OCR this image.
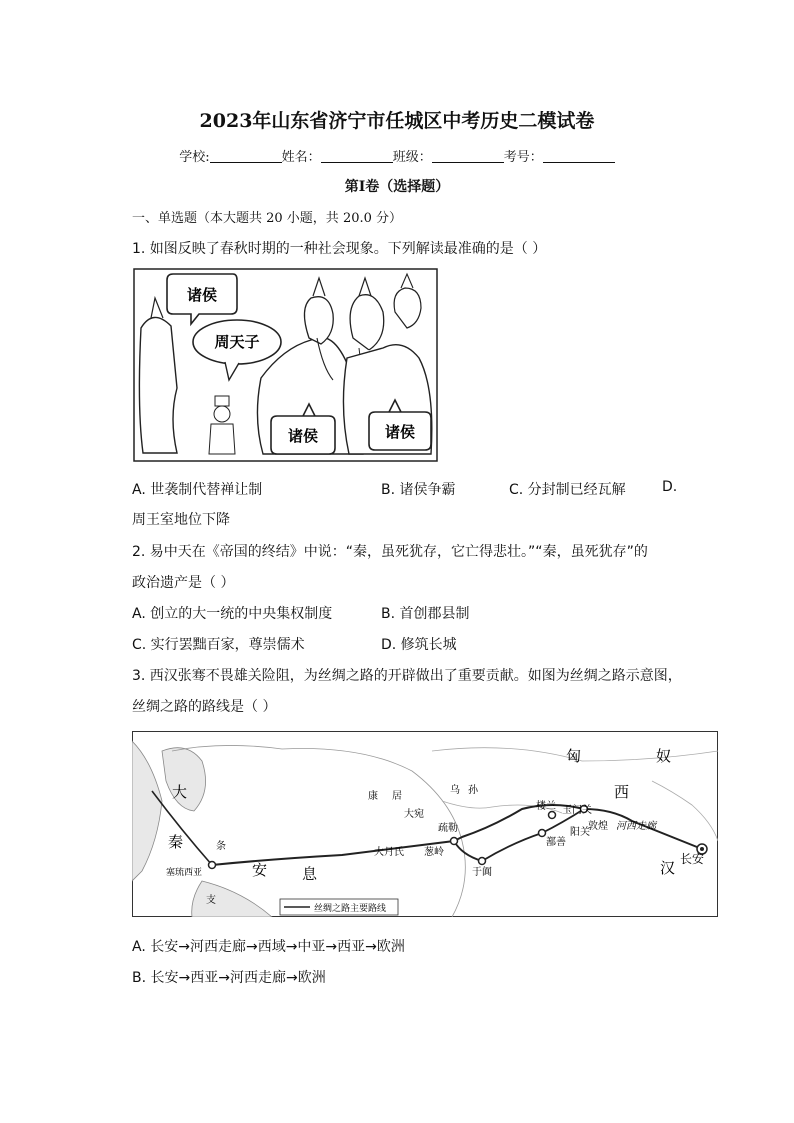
2023年山东省济宁市任城区中考历史二模试卷
学校:	姓名：	班级：	考号：
第I卷（选择题）
一、单选题（本大题共 20 小题，共 20.0 分）
1. 如图反映了春秋时期的一种社会现象。下列解读最准确的是（ ）
诸侯
周天子
诸侯	诸侯
A. 世袭制代替禅让制	B. 诸侯争霸	C. 分封制已经瓦解	D.
周王室地位下降
2. 易中天在《帝国的终结》中说：“秦，虽死犹存，它亡得悲壮。”“秦，虽死犹存”的
政治遗产是（ ）
A. 创立的大一统的中央集权制度	B. 首创郡县制
C. 实行罢黜百家，尊崇儒术	D. 修筑长城
3. 西汉张骞不畏雄关险阻，为丝绸之路的开辟做出了重要贡献。如图为丝绸之路示意图，
丝绸之路的路线是（ ）
大
秦	条
支
塞琉西亚	安 息
康 居
大宛
疏勒
葱岭
大月氏
于阗
楼兰 玉门关
阳关
敦煌
鄯善
河西走廊
乌 孙
匈	奴
西
汉 长安
丝绸之路主要路线
A. 长安→河西走廊→西域→中亚→西亚→欧洲
B. 长安→西亚→河西走廊→欧洲
